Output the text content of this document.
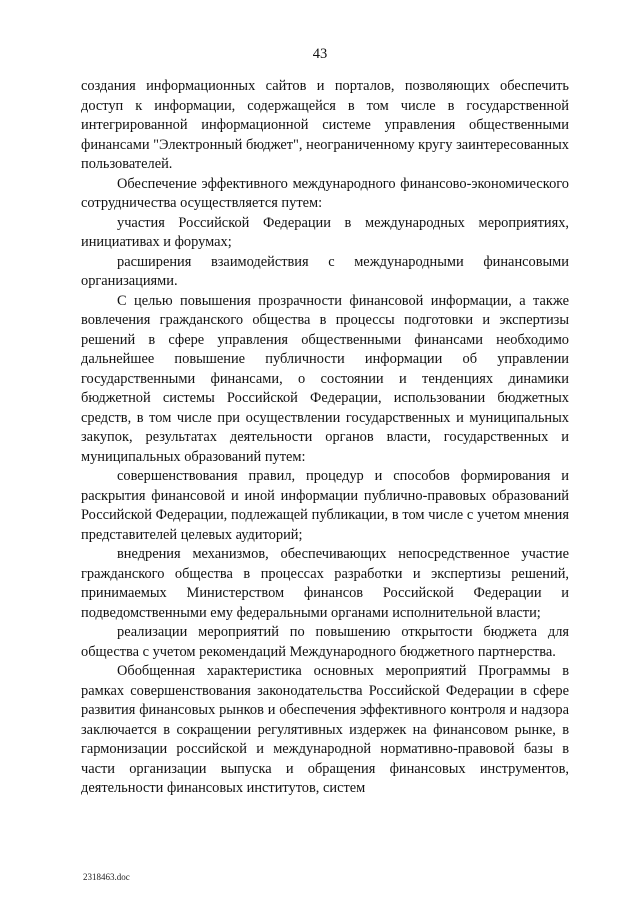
43

создания информационных сайтов и порталов, позволяющих обеспечить доступ к информации, содержащейся в том числе в государственной интегрированной информационной системе управления общественными финансами "Электронный бюджет", неограниченному кругу заинтересованных пользователей.

Обеспечение эффективного международного финансово-экономического сотрудничества осуществляется путем:

участия Российской Федерации в международных мероприятиях, инициативах и форумах;

расширения взаимодействия с международными финансовыми организациями.

С целью повышения прозрачности финансовой информации, а также вовлечения гражданского общества в процессы подготовки и экспертизы решений в сфере управления общественными финансами необходимо дальнейшее повышение публичности информации об управлении государственными финансами, о состоянии и тенденциях динамики бюджетной системы Российской Федерации, использовании бюджетных средств, в том числе при осуществлении государственных и муниципальных закупок, результатах деятельности органов власти, государственных и муниципальных образований путем:

совершенствования правил, процедур и способов формирования и раскрытия финансовой и иной информации публично-правовых образований Российской Федерации, подлежащей публикации, в том числе с учетом мнения представителей целевых аудиторий;

внедрения механизмов, обеспечивающих непосредственное участие гражданского общества в процессах разработки и экспертизы решений, принимаемых Министерством финансов Российской Федерации и подведомственными ему федеральными органами исполнительной власти;

реализации мероприятий по повышению открытости бюджета для общества с учетом рекомендаций Международного бюджетного партнерства.

Обобщенная характеристика основных мероприятий Программы в рамках совершенствования законодательства Российской Федерации в сфере развития финансовых рынков и обеспечения эффективного контроля и надзора заключается в сокращении регулятивных издержек на финансовом рынке, в гармонизации российской и международной нормативно-правовой базы в части организации выпуска и обращения финансовых инструментов, деятельности финансовых институтов, систем

2318463.doc
